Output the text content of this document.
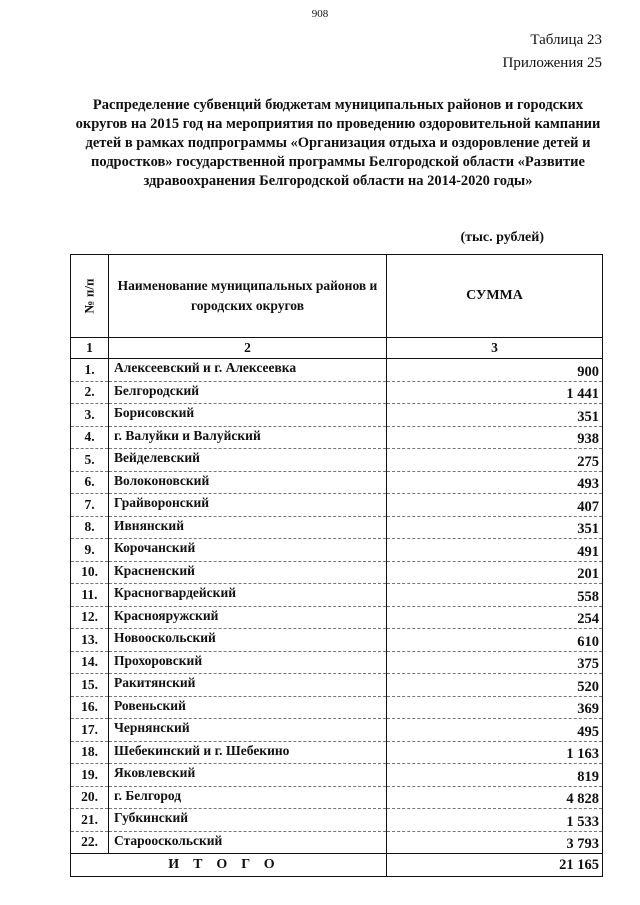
908
Таблица 23
Приложения 25
Распределение субвенций бюджетам муниципальных районов и городских округов на 2015 год на мероприятия по проведению оздоровительной кампании детей в рамках подпрограммы «Организация отдыха и оздоровление детей и подростков» государственной программы Белгородской области «Развитие здравоохранения Белгородской области на 2014-2020 годы»
(тыс. рублей)
№ п/п	Наименование муниципальных районов и городских округов	СУММА
1	2	3
1.	Алексеевский и г. Алексеевка	900
2.	Белгородский	1 441
3.	Борисовский	351
4.	г. Валуйки и Валуйский	938
5.	Вейделевский	275
6.	Волоконовский	493
7.	Грайворонский	407
8.	Ивнянский	351
9.	Корочанский	491
10.	Красненский	201
11.	Красногвардейский	558
12.	Краснояружский	254
13.	Новооскольский	610
14.	Прохоровский	375
15.	Ракитянский	520
16.	Ровеньский	369
17.	Чернянский	495
18.	Шебекинский и г. Шебекино	1 163
19.	Яковлевский	819
20.	г. Белгород	4 828
21.	Губкинский	1 533
22.	Старооскольский	3 793
ИТОГО		21 165
